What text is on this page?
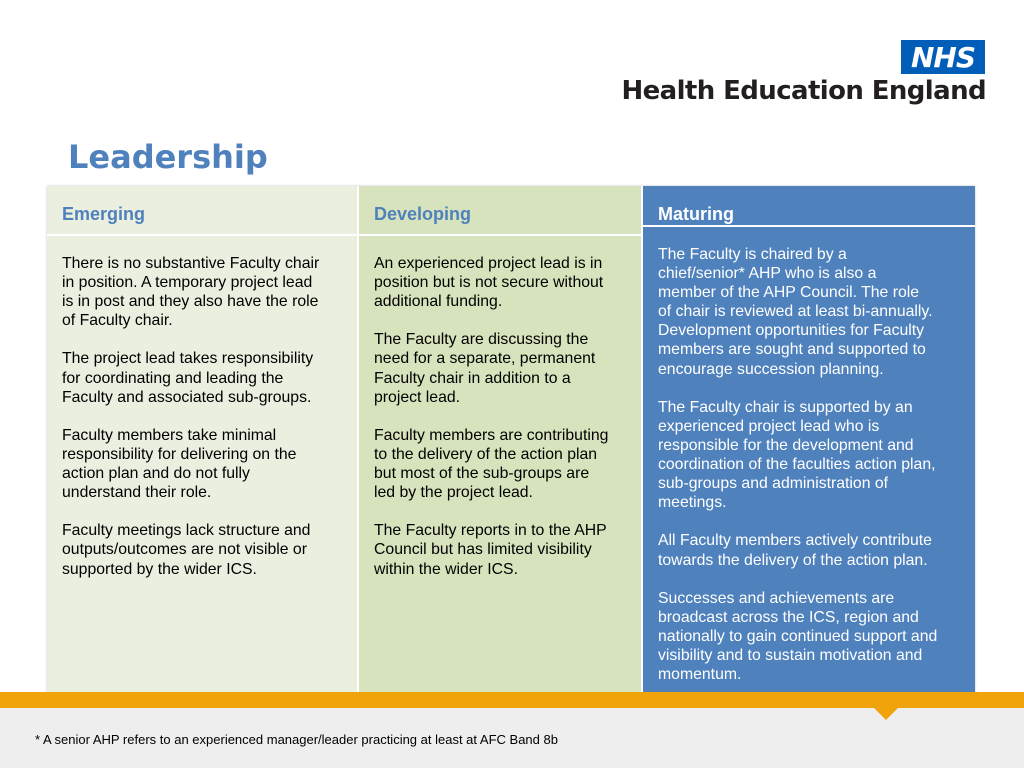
NHS
Health Education England
Leadership
Emerging

There is no substantive Faculty chair
in position. A temporary project lead
is in post and they also have the role
of Faculty chair.

The project lead takes responsibility
for coordinating and leading the
Faculty and associated sub-groups.

Faculty members take minimal
responsibility for delivering on the
action plan and do not fully
understand their role.

Faculty meetings lack structure and
outputs/outcomes are not visible or
supported by the wider ICS.

Developing

An experienced project lead is in
position but is not secure without
additional funding.

The Faculty are discussing the
need for a separate, permanent
Faculty chair in addition to a
project lead.

Faculty members are contributing
to the delivery of the action plan
but most of the sub-groups are
led by the project lead.

The Faculty reports in to the AHP
Council but has limited visibility
within the wider ICS.

Maturing

The Faculty is chaired by a
chief/senior* AHP who is also a
member of the AHP Council. The role
of chair is reviewed at least bi-annually.
Development opportunities for Faculty
members are sought and supported to
encourage succession planning.

The Faculty chair is supported by an
experienced project lead who is
responsible for the development and
coordination of the faculties action plan,
sub-groups and administration of
meetings.

All Faculty members actively contribute
towards the delivery of the action plan.

Successes and achievements are
broadcast across the ICS, region and
nationally to gain continued support and
visibility and to sustain motivation and
momentum.

* A senior AHP refers to an experienced manager/leader practicing at least at AFC Band 8b
